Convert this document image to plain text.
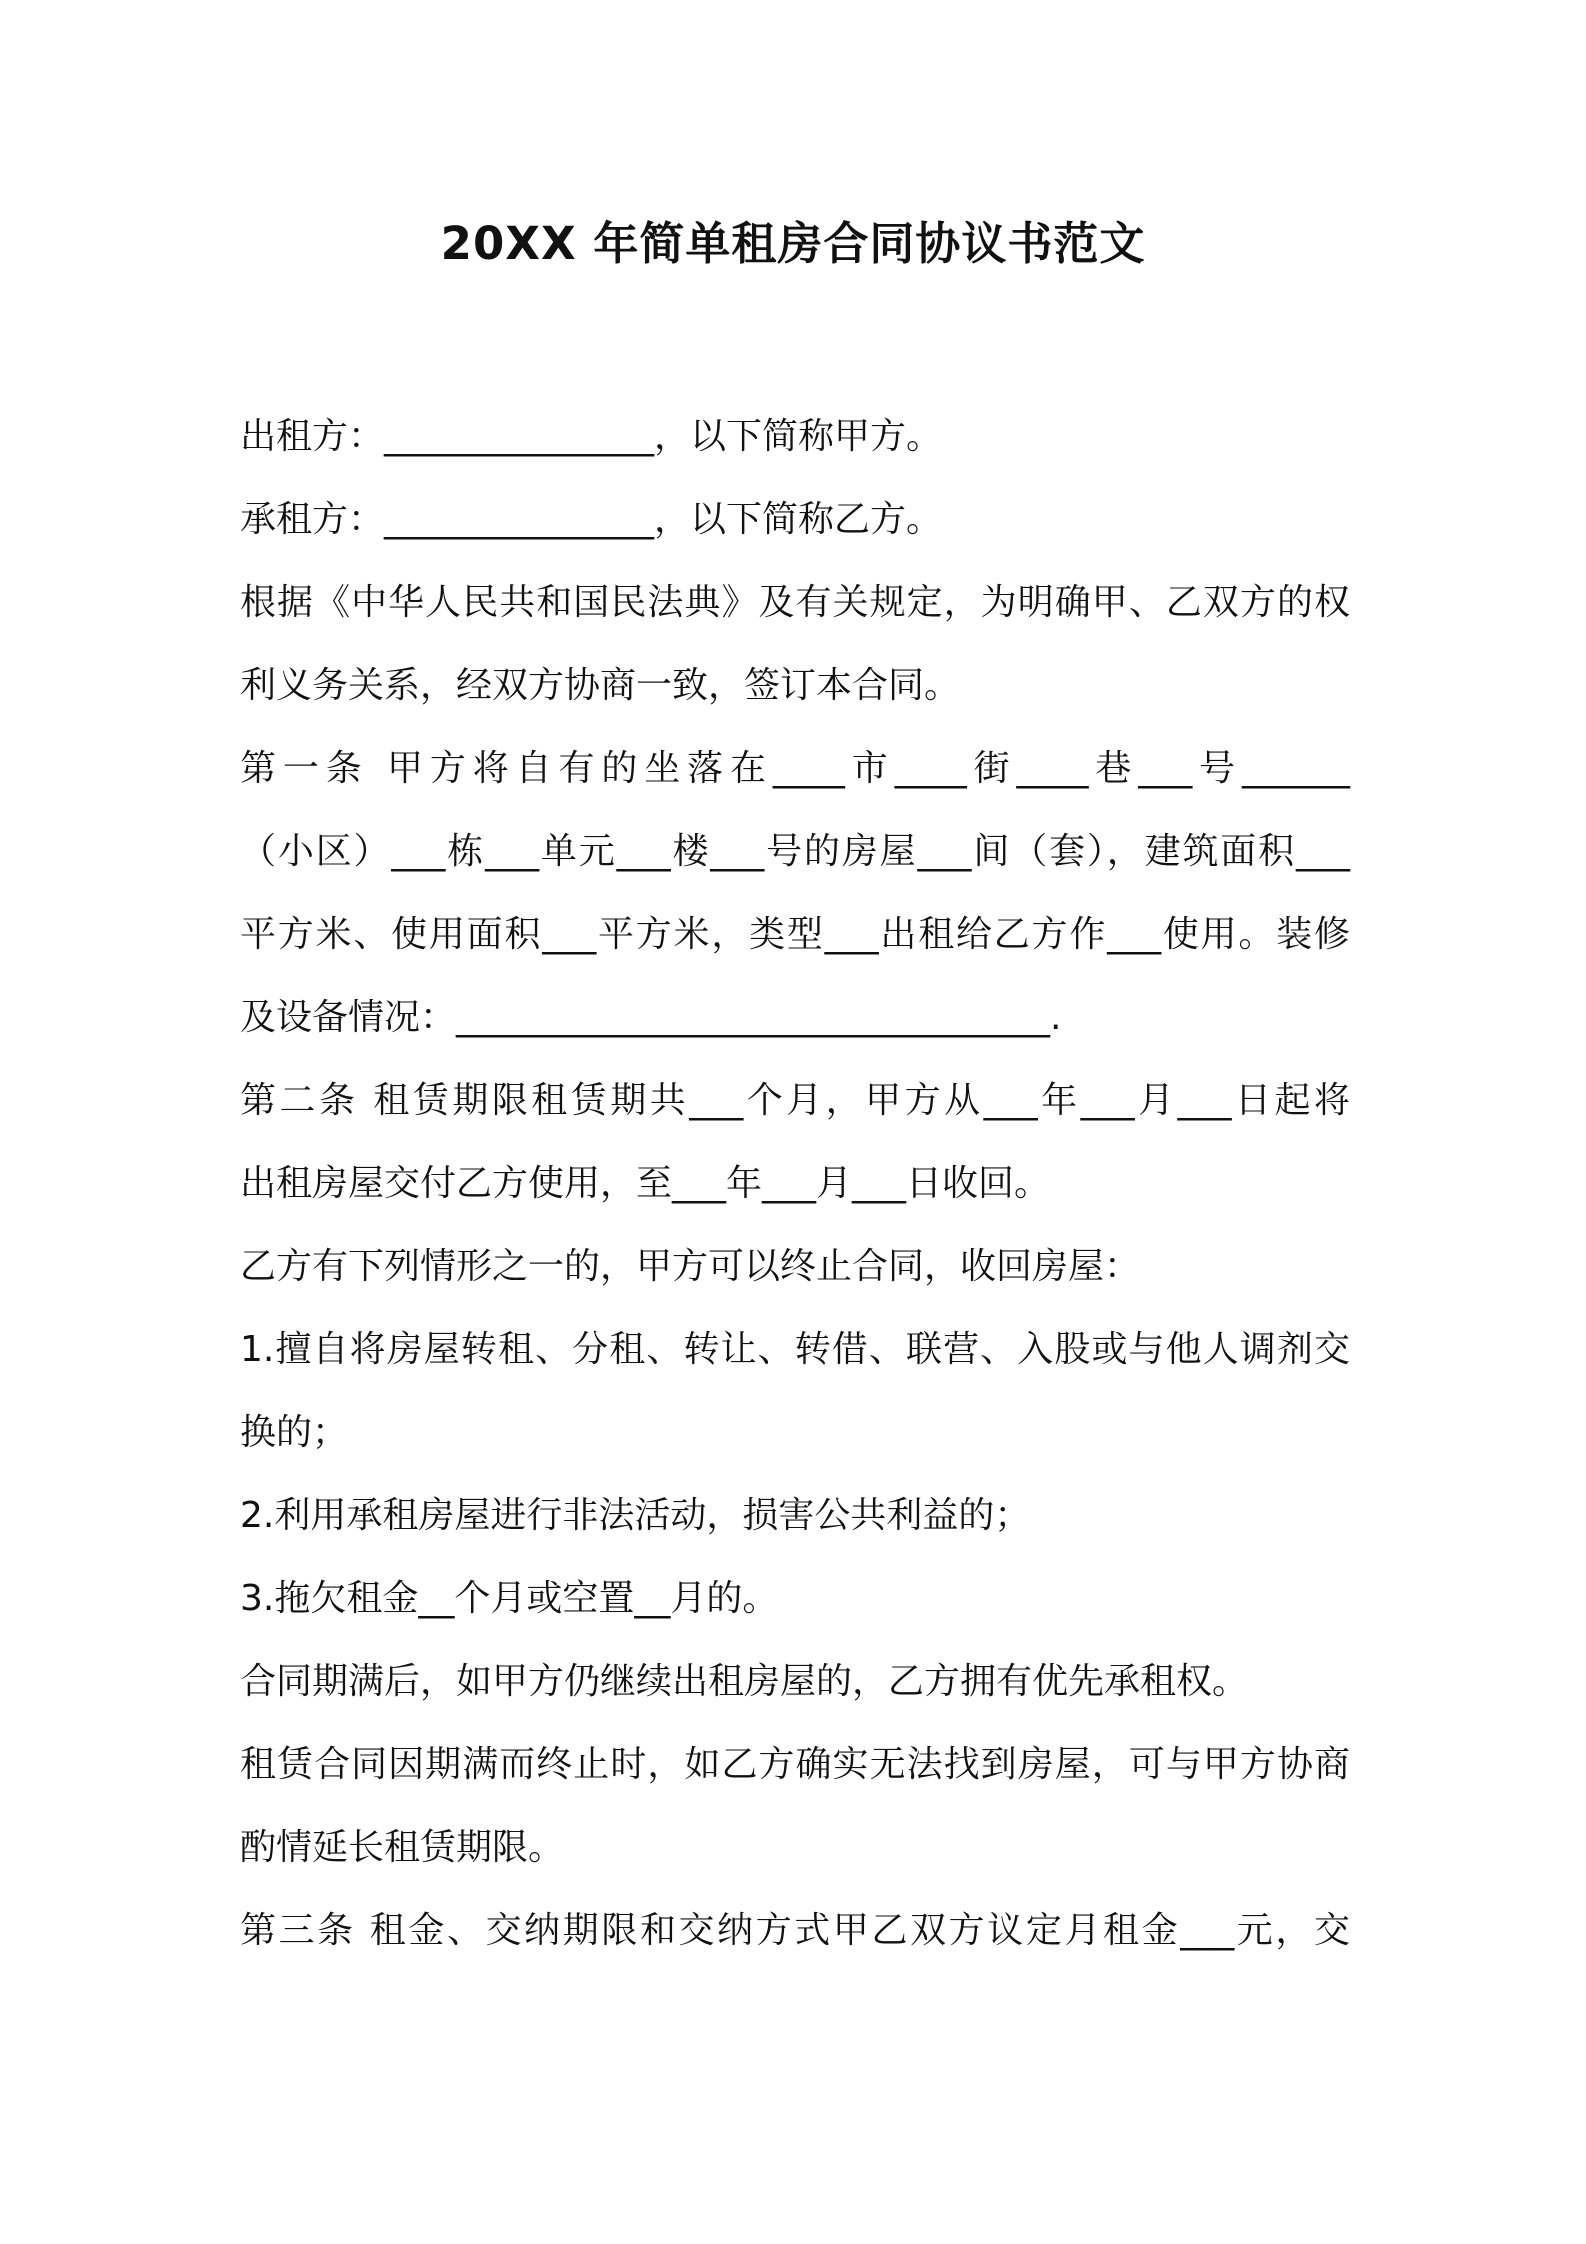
20XX 年简单租房合同协议书范文
出租方：_______________，以下简称甲方。
承租方：_______________，以下简称乙方。
根据《中华人民共和国民法典》及有关规定，为明确甲、乙双方的权
利义务关系，经双方协商一致，签订本合同。
第一条 甲方将自有的坐落在____市____街____巷___号______
（小区）___栋___单元___楼___号的房屋___间（套），建筑面积___
平方米、使用面积___平方米，类型___出租给乙方作___使用。装修
及设备情况：_________________________________.
第二条 租赁期限租赁期共___个月，甲方从___年___月___日起将
出租房屋交付乙方使用，至___年___月___日收回。
乙方有下列情形之一的，甲方可以终止合同，收回房屋：
1.擅自将房屋转租、分租、转让、转借、联营、入股或与他人调剂交
换的；
2.利用承租房屋进行非法活动，损害公共利益的；
3.拖欠租金__个月或空置__月的。
合同期满后，如甲方仍继续出租房屋的，乙方拥有优先承租权。
租赁合同因期满而终止时，如乙方确实无法找到房屋，可与甲方协商
酌情延长租赁期限。
第三条 租金、交纳期限和交纳方式甲乙双方议定月租金___元，交
